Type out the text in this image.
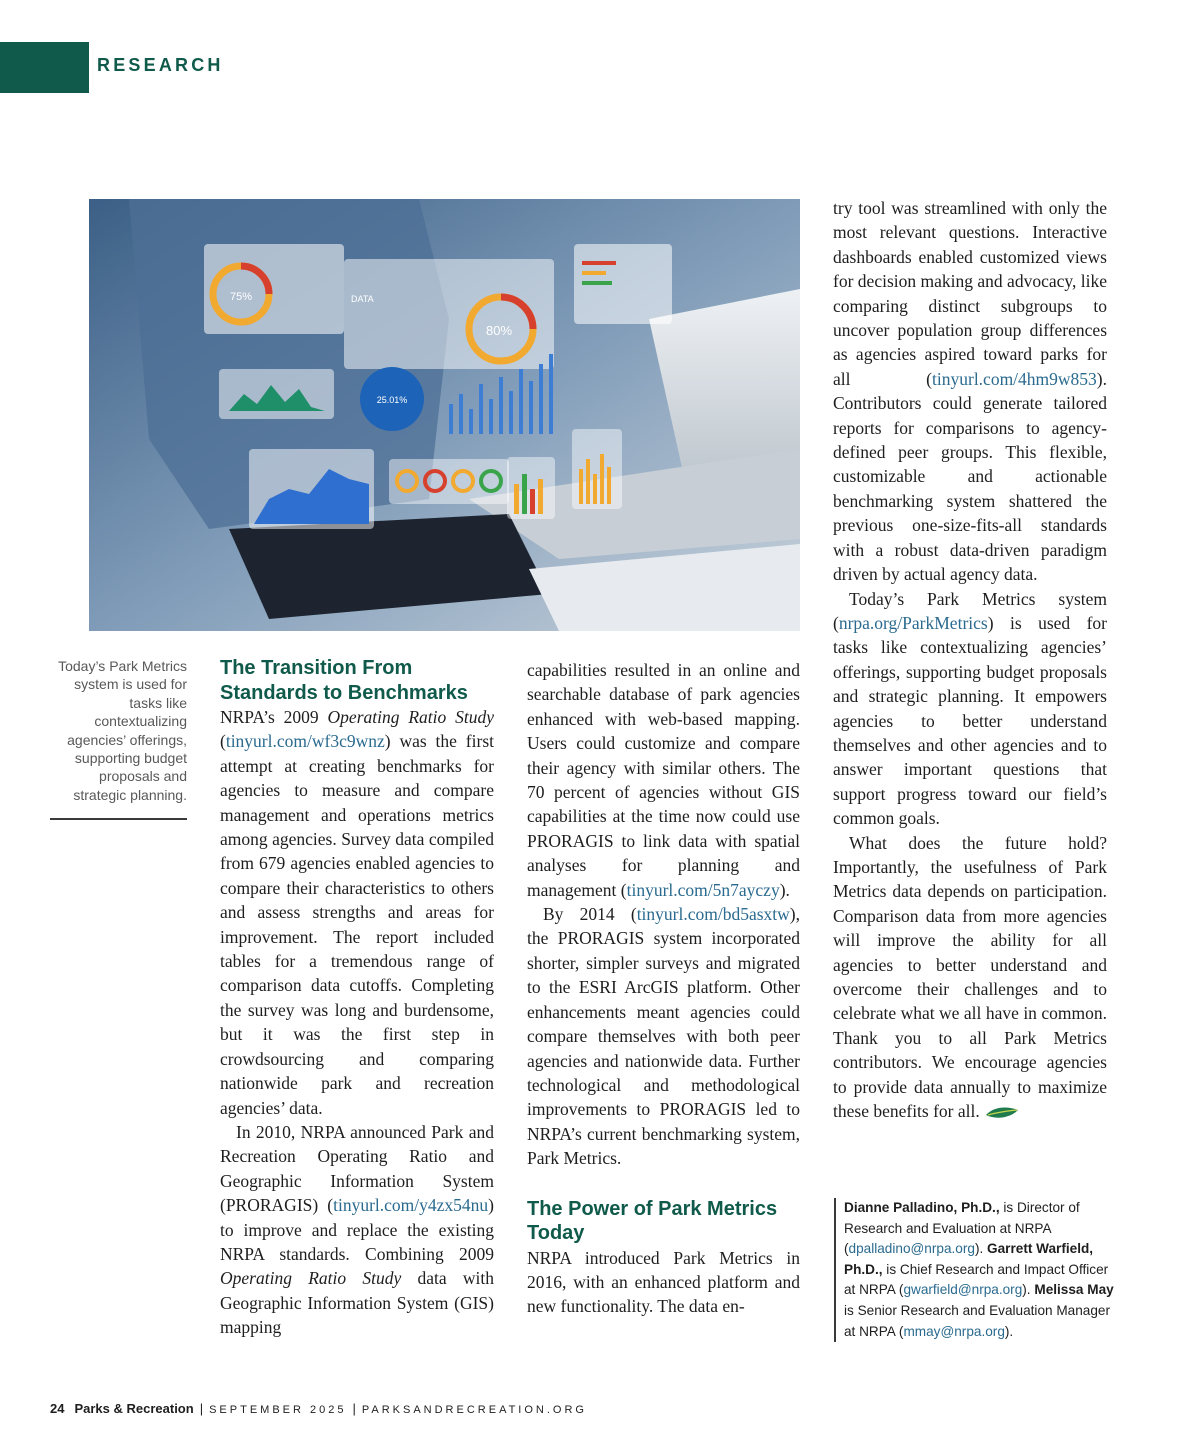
RESEARCH
75%	DATA
80%
25.01%
Today’s Park Metrics system is used for tasks like contextualizing agencies’ offerings, supporting budget proposals and strategic planning.
The Transition From Standards to Benchmarks

NRPA’s 2009 Operating Ratio Study (tinyurl.com/wf3c9wnz) was the first attempt at creating benchmarks for agencies to measure and compare management and operations metrics among agencies. Survey data compiled from 679 agencies enabled agencies to compare their characteristics to others and assess strengths and areas for improvement. The report included tables for a tremendous range of comparison data cutoffs. Completing the survey was long and burdensome, but it was the first step in crowdsourcing and comparing nationwide park and recreation agencies’ data.

In 2010, NRPA announced Park and Recreation Operating Ratio and Geographic Information System (PRORAGIS) (tinyurl.com/y4zx54nu) to improve and replace the existing NRPA standards. Combining 2009 Operating Ratio Study data with Geographic Information System (GIS) mapping

capabilities resulted in an online and searchable database of park agencies enhanced with web-based mapping. Users could customize and compare their agency with similar others. The 70 percent of agencies without GIS capabilities at the time now could use PRORAGIS to link data with spatial analyses for planning and management (tinyurl.com/5n7ayczy).

By 2014 (tinyurl.com/bd5asxtw), the PRORAGIS system incorporated shorter, simpler surveys and migrated to the ESRI ArcGIS platform. Other enhancements meant agencies could compare themselves with both peer agencies and nationwide data. Further technological and methodological improvements to PRORAGIS led to NRPA’s current benchmarking system, Park Metrics.

The Power of Park Metrics Today

NRPA introduced Park Metrics in 2016, with an enhanced platform and new functionality. The data en-

try tool was streamlined with only the most relevant questions. Interactive dashboards enabled customized views for decision making and advocacy, like comparing distinct subgroups to uncover population group differences as agencies aspired toward parks for all (tinyurl.com/4hm9w853). Contributors could generate tailored reports for comparisons to agency-defined peer groups. This flexible, customizable and actionable benchmarking system shattered the previous one-size-fits-all standards with a robust data-driven paradigm driven by actual agency data.

Today’s Park Metrics system (nrpa.org/ParkMetrics) is used for tasks like contextualizing agencies’ offerings, supporting budget proposals and strategic planning. It empowers agencies to better understand themselves and other agencies and to answer important questions that support progress toward our field’s common goals.

What does the future hold? Importantly, the usefulness of Park Metrics data depends on participation. Comparison data from more agencies will improve the ability for all agencies to better understand and overcome their challenges and to celebrate what we all have in common. Thank you to all Park Metrics contributors. We encourage agencies to provide data annually to maximize these benefits for all.

Dianne Palladino, Ph.D., is Director of Research and Evaluation at NRPA (dpalladino@nrpa.org). Garrett Warfield, Ph.D., is Chief Research and Impact Officer at NRPA (gwarfield@nrpa.org). Melissa May is Senior Research and Evaluation Manager at NRPA (mmay@nrpa.org).
24 Parks & Recreation | SEPTEMBER 2025 | PARKSANDRECREATION.ORG
